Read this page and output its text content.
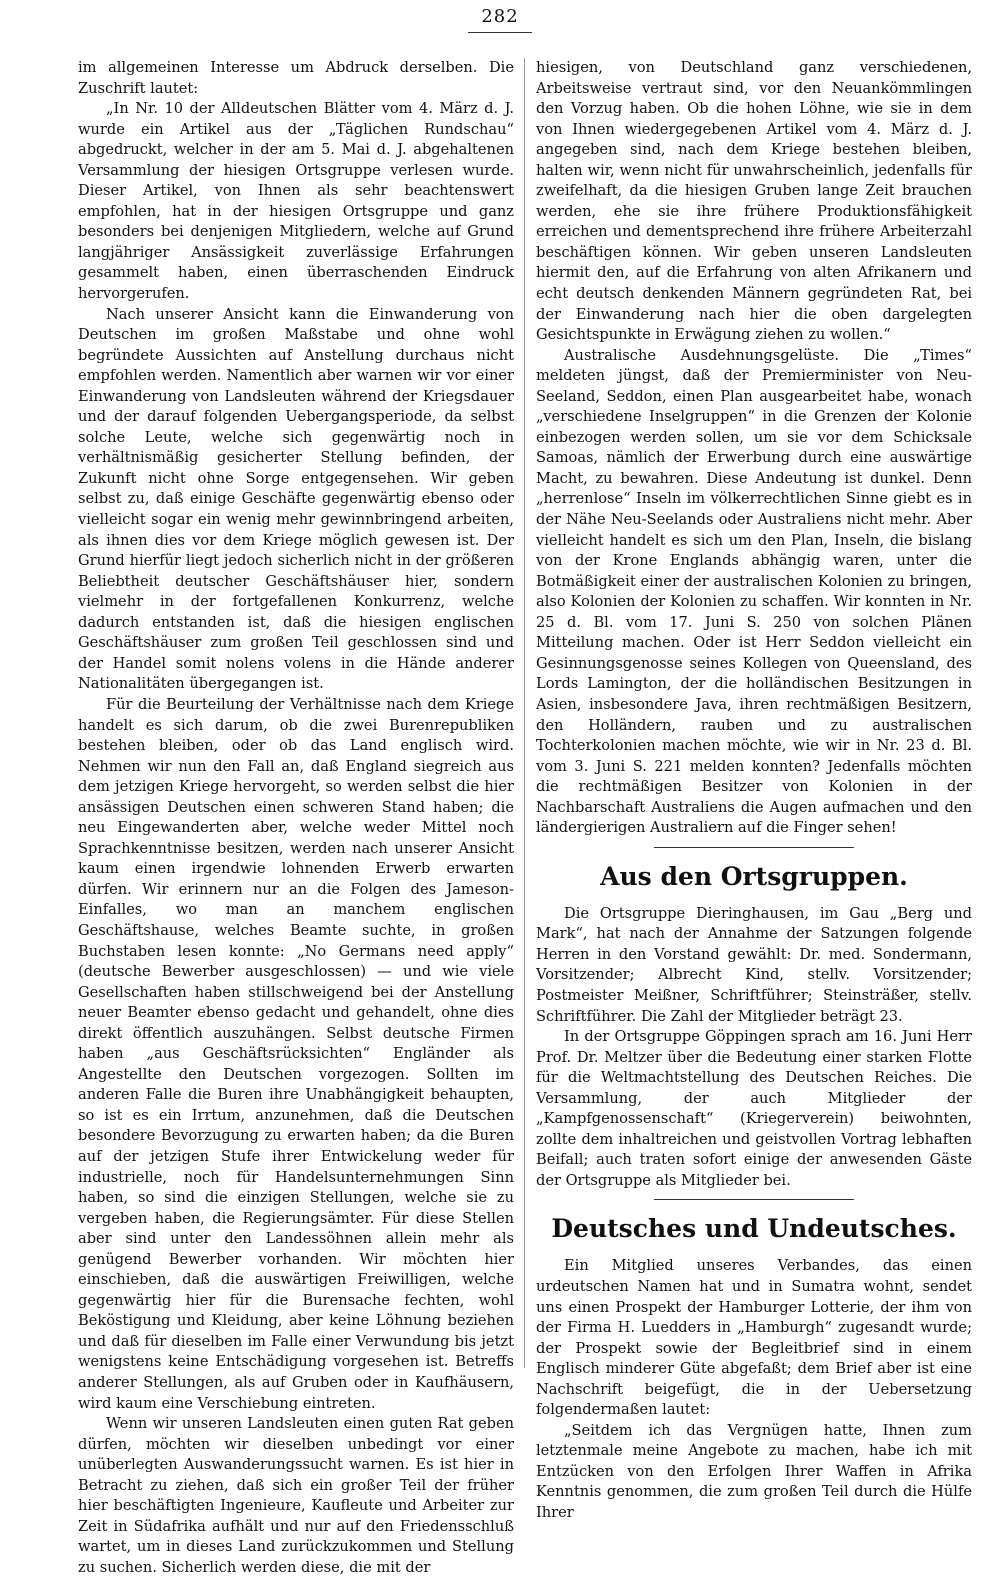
282

im allgemeinen Interesse um Abdruck derselben. Die Zuschrift lautet:

„In Nr. 10 der Alldeutschen Blätter vom 4. März d. J. wurde ein Artikel aus der „Täglichen Rundschau“ abgedruckt, welcher in der am 5. Mai d. J. abgehaltenen Versammlung der hiesigen Ortsgruppe verlesen wurde. Dieser Artikel, von Ihnen als sehr beachtenswert empfohlen, hat in der hiesigen Ortsgruppe und ganz besonders bei denjenigen Mitgliedern, welche auf Grund langjähriger Ansässigkeit zuverlässige Erfahrungen gesammelt haben, einen überraschenden Eindruck hervorgerufen.

Nach unserer Ansicht kann die Einwanderung von Deutschen im großen Maßstabe und ohne wohl begründete Aussichten auf Anstellung durchaus nicht empfohlen werden. Namentlich aber warnen wir vor einer Einwanderung von Landsleuten während der Kriegsdauer und der darauf folgenden Uebergangsperiode, da selbst solche Leute, welche sich gegenwärtig noch in verhältnismäßig gesicherter Stellung befinden, der Zukunft nicht ohne Sorge entgegensehen. Wir geben selbst zu, daß einige Geschäfte gegenwärtig ebenso oder vielleicht sogar ein wenig mehr gewinnbringend arbeiten, als ihnen dies vor dem Kriege möglich gewesen ist. Der Grund hierfür liegt jedoch sicherlich nicht in der größeren Beliebtheit deutscher Geschäftshäuser hier, sondern vielmehr in der fortgefallenen Konkurrenz, welche dadurch entstanden ist, daß die hiesigen englischen Geschäftshäuser zum großen Teil geschlossen sind und der Handel somit nolens volens in die Hände anderer Nationalitäten übergegangen ist.

Für die Beurteilung der Verhältnisse nach dem Kriege handelt es sich darum, ob die zwei Burenrepubliken bestehen bleiben, oder ob das Land englisch wird. Nehmen wir nun den Fall an, daß England siegreich aus dem jetzigen Kriege hervorgeht, so werden selbst die hier ansässigen Deutschen einen schweren Stand haben; die neu Eingewanderten aber, welche weder Mittel noch Sprachkenntnisse besitzen, werden nach unserer Ansicht kaum einen irgendwie lohnenden Erwerb erwarten dürfen. Wir erinnern nur an die Folgen des Jameson-Einfalles, wo man an manchem englischen Geschäftshause, welches Beamte suchte, in großen Buchstaben lesen konnte: „No Germans need apply“ (deutsche Bewerber ausgeschlossen) — und wie viele Gesellschaften haben stillschweigend bei der Anstellung neuer Beamter ebenso gedacht und gehandelt, ohne dies direkt öffentlich auszuhängen. Selbst deutsche Firmen haben „aus Geschäftsrücksichten“ Engländer als Angestellte den Deutschen vorgezogen. Sollten im anderen Falle die Buren ihre Unabhängigkeit behaupten, so ist es ein Irrtum, anzunehmen, daß die Deutschen besondere Bevorzugung zu erwarten haben; da die Buren auf der jetzigen Stufe ihrer Entwickelung weder für industrielle, noch für Handelsunternehmungen Sinn haben, so sind die einzigen Stellungen, welche sie zu vergeben haben, die Regierungsämter. Für diese Stellen aber sind unter den Landessöhnen allein mehr als genügend Bewerber vorhanden. Wir möchten hier einschieben, daß die auswärtigen Freiwilligen, welche gegenwärtig hier für die Burensache fechten, wohl Beköstigung und Kleidung, aber keine Löhnung beziehen und daß für dieselben im Falle einer Verwundung bis jetzt wenigstens keine Entschädigung vorgesehen ist. Betreffs anderer Stellungen, als auf Gruben oder in Kaufhäusern, wird kaum eine Verschiebung eintreten.

Wenn wir unseren Landsleuten einen guten Rat geben dürfen, möchten wir dieselben unbedingt vor einer unüberlegten Auswanderungssucht warnen. Es ist hier in Betracht zu ziehen, daß sich ein großer Teil der früher hier beschäftigten Ingenieure, Kaufleute und Arbeiter zur Zeit in Südafrika aufhält und nur auf den Friedensschluß wartet, um in dieses Land zurückzukommen und Stellung zu suchen. Sicherlich werden diese, die mit der

hiesigen, von Deutschland ganz verschiedenen, Arbeitsweise vertraut sind, vor den Neuankömmlingen den Vorzug haben. Ob die hohen Löhne, wie sie in dem von Ihnen wiedergegebenen Artikel vom 4. März d. J. angegeben sind, nach dem Kriege bestehen bleiben, halten wir, wenn nicht für unwahrscheinlich, jedenfalls für zweifelhaft, da die hiesigen Gruben lange Zeit brauchen werden, ehe sie ihre frühere Produktionsfähigkeit erreichen und dementsprechend ihre frühere Arbeiterzahl beschäftigen können. Wir geben unseren Landsleuten hiermit den, auf die Erfahrung von alten Afrikanern und echt deutsch denkenden Männern gegründeten Rat, bei der Einwanderung nach hier die oben dargelegten Gesichtspunkte in Erwägung ziehen zu wollen.“

Australische Ausdehnungsgelüste. Die „Times“ meldeten jüngst, daß der Premierminister von Neu-Seeland, Seddon, einen Plan ausgearbeitet habe, wonach „verschiedene Inselgruppen“ in die Grenzen der Kolonie einbezogen werden sollen, um sie vor dem Schicksale Samoas, nämlich der Erwerbung durch eine auswärtige Macht, zu bewahren. Diese Andeutung ist dunkel. Denn „herrenlose“ Inseln im völkerrechtlichen Sinne giebt es in der Nähe Neu-Seelands oder Australiens nicht mehr. Aber vielleicht handelt es sich um den Plan, Inseln, die bislang von der Krone Englands abhängig waren, unter die Botmäßigkeit einer der australischen Kolonien zu bringen, also Kolonien der Kolonien zu schaffen. Wir konnten in Nr. 25 d. Bl. vom 17. Juni S. 250 von solchen Plänen Mitteilung machen. Oder ist Herr Seddon vielleicht ein Gesinnungsgenosse seines Kollegen von Queensland, des Lords Lamington, der die holländischen Besitzungen in Asien, insbesondere Java, ihren rechtmäßigen Besitzern, den Holländern, rauben und zu australischen Tochterkolonien machen möchte, wie wir in Nr. 23 d. Bl. vom 3. Juni S. 221 melden konnten? Jedenfalls möchten die rechtmäßigen Besitzer von Kolonien in der Nachbarschaft Australiens die Augen aufmachen und den ländergierigen Australiern auf die Finger sehen!

Aus den Ortsgruppen.

Die Ortsgruppe Dieringhausen, im Gau „Berg und Mark“, hat nach der Annahme der Satzungen folgende Herren in den Vorstand gewählt: Dr. med. Sondermann, Vorsitzender; Albrecht Kind, stellv. Vorsitzender; Postmeister Meißner, Schriftführer; Steinsträßer, stellv. Schriftführer. Die Zahl der Mitglieder beträgt 23.

In der Ortsgruppe Göppingen sprach am 16. Juni Herr Prof. Dr. Meltzer über die Bedeutung einer starken Flotte für die Weltmachtstellung des Deutschen Reiches. Die Versammlung, der auch Mitglieder der „Kampfgenossenschaft“ (Kriegerverein) beiwohnten, zollte dem inhaltreichen und geistvollen Vortrag lebhaften Beifall; auch traten sofort einige der anwesenden Gäste der Ortsgruppe als Mitglieder bei.

Deutsches und Undeutsches.

Ein Mitglied unseres Verbandes, das einen urdeutschen Namen hat und in Sumatra wohnt, sendet uns einen Prospekt der Hamburger Lotterie, der ihm von der Firma H. Luedders in „Hamburgh“ zugesandt wurde; der Prospekt sowie der Begleitbrief sind in einem Englisch minderer Güte abgefaßt; dem Brief aber ist eine Nachschrift beigefügt, die in der Uebersetzung folgendermaßen lautet:

„Seitdem ich das Vergnügen hatte, Ihnen zum letztenmale meine Angebote zu machen, habe ich mit Entzücken von den Erfolgen Ihrer Waffen in Afrika Kenntnis genommen, die zum großen Teil durch die Hülfe Ihrer
